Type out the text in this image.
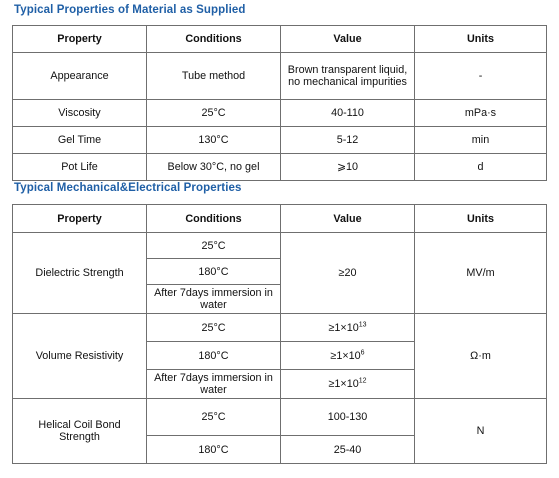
Typical Properties of Material as Supplied
Property	Conditions	Value	Units
Appearance	Tube method	Brown transparent liquid, no mechanical impurities	-
Viscosity	25°C	40-110	mPa·s
Gel Time	130°C	5-12	min
Pot Life	Below 30°C, no gel	⩾10	d
Typical Mechanical&Electrical Properties
Property	Conditions	Value	Units
Dielectric Strength	25°C	≥20	MV/m
	180°C		
	After 7days immersion in water		
Volume Resistivity	25°C	$\ge 1\times 10^{13}$	Ω·m
	180°C	$\ge 1\times 10^6$
	After 7days immersion in water	$\ge 1\times 10^{12}$
Helical Coil Bond Strength	25°C	100-130	N
	180°C	25-40	
